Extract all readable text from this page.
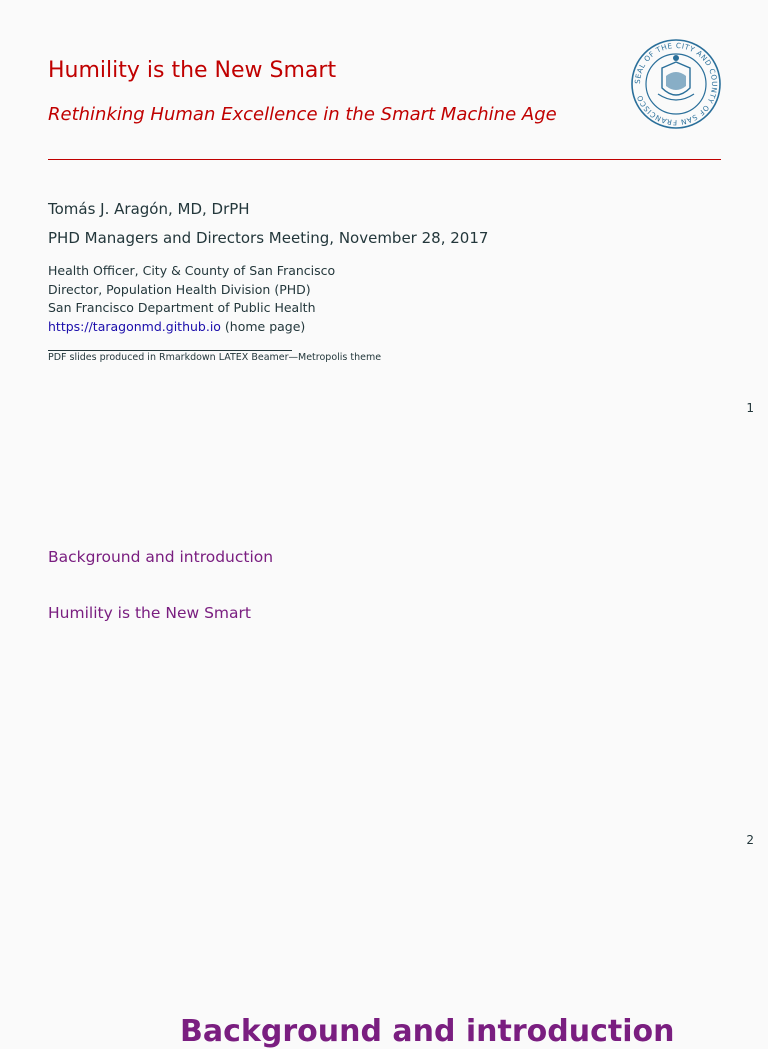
Humility is the New Smart
Rethinking Human Excellence in the Smart Machine Age
SEAL OF THE CITY AND COUNTY OF SAN FRANCISCO
Tomás J. Aragón, MD, DrPH
PHD Managers and Directors Meeting, November 28, 2017
Health Officer, City & County of San Francisco
Director, Population Health Division (PHD)
San Francisco Department of Public Health
https://taragonmd.github.io (home page)
PDF slides produced in Rmarkdown LATEX Beamer—Metropolis theme
1
Background and introduction
Humility is the New Smart
2
Background and introduction
